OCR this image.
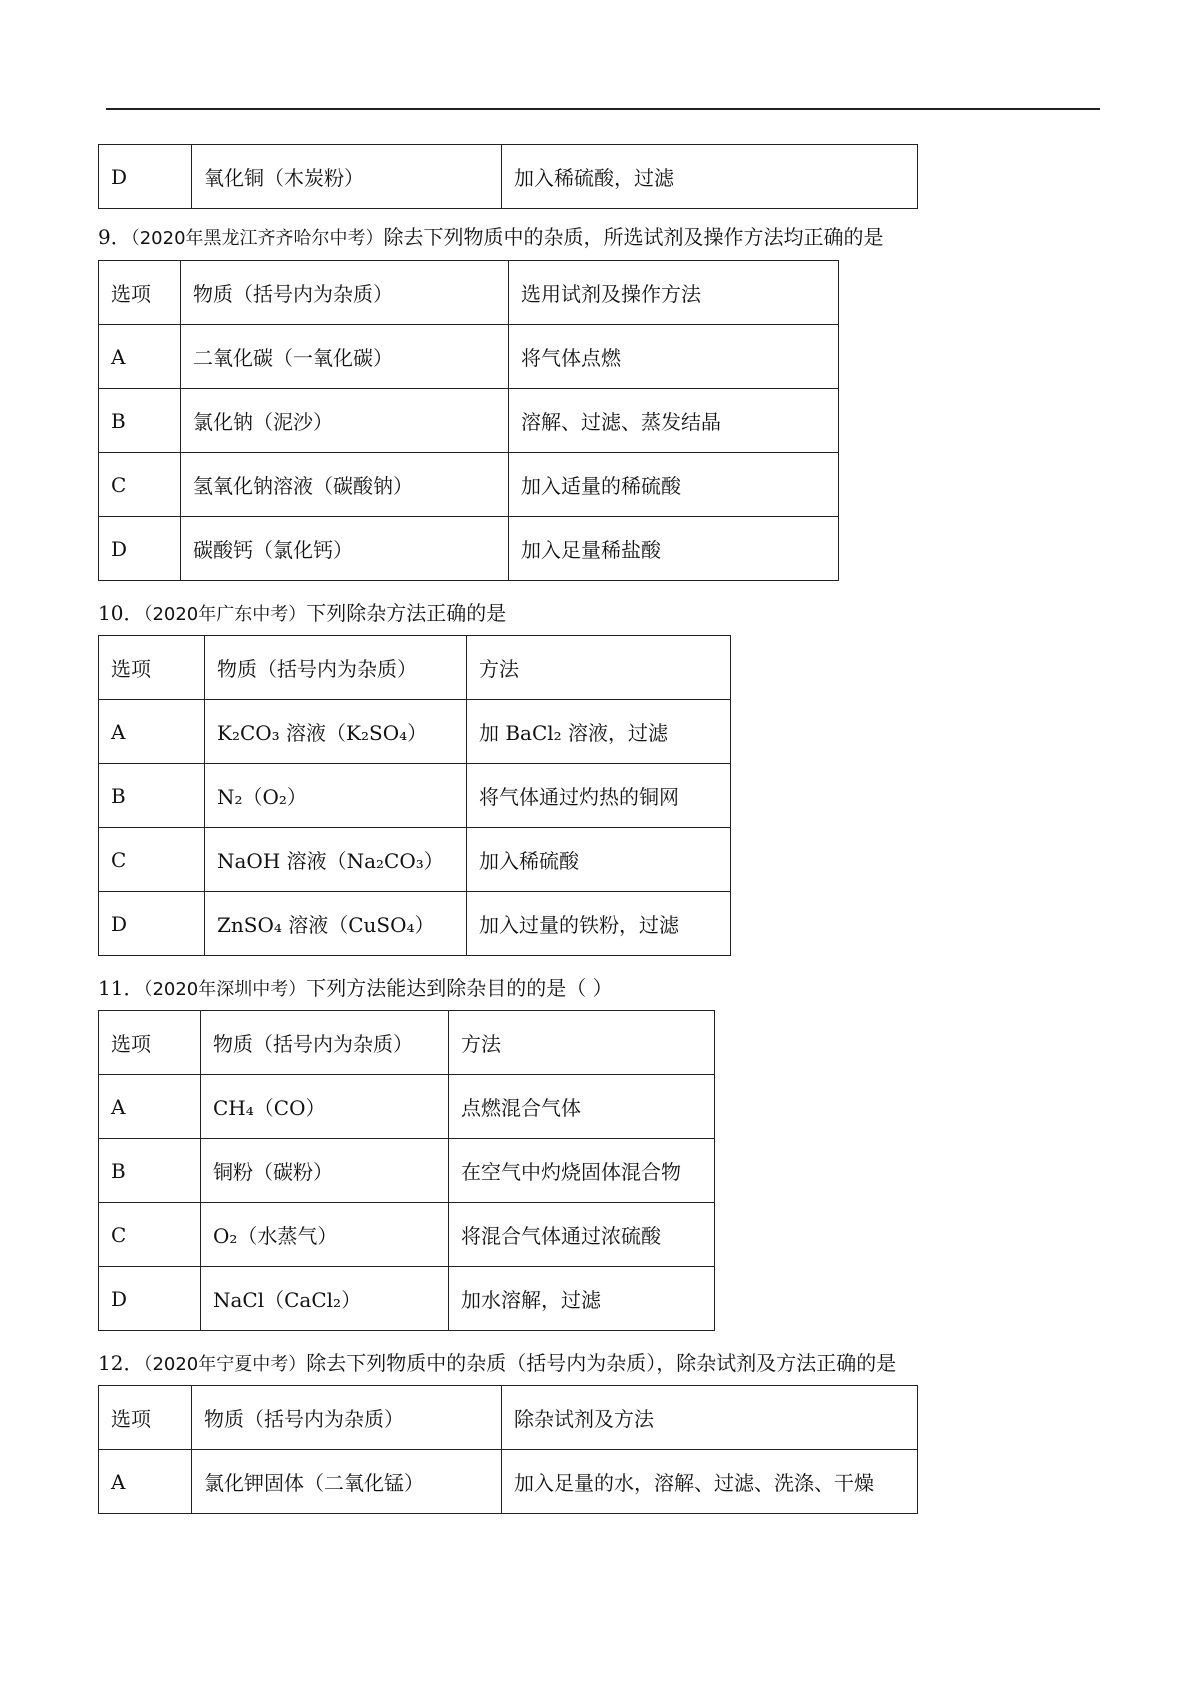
D	氧化铜（木炭粉）	加入稀硫酸，过滤
9．（2020年黑龙江齐齐哈尔中考）除去下列物质中的杂质，所选试剂及操作方法均正确的是
选项	物质（括号内为杂质）	选用试剂及操作方法
A	二氧化碳（一氧化碳）	将气体点燃
B	氯化钠（泥沙）	溶解、过滤、蒸发结晶
C	氢氧化钠溶液（碳酸钠）	加入适量的稀硫酸
D	碳酸钙（氯化钙）	加入足量稀盐酸
10．（2020年广东中考）下列除杂方法正确的是
选项	物质（括号内为杂质）	方法
A	K₂CO₃ 溶液（K₂SO₄）	加 BaCl₂ 溶液，过滤
B	N₂（O₂）	将气体通过灼热的铜网
C	NaOH 溶液（Na₂CO₃）	加入稀硫酸
D	ZnSO₄ 溶液（CuSO₄）	加入过量的铁粉，过滤
11．（2020年深圳中考）下列方法能达到除杂目的的是（ ）
选项	物质（括号内为杂质）	方法
A	CH₄（CO）	点燃混合气体
B	铜粉（碳粉）	在空气中灼烧固体混合物
C	O₂（水蒸气）	将混合气体通过浓硫酸
D	NaCl（CaCl₂）	加水溶解，过滤
12．（2020年宁夏中考）除去下列物质中的杂质（括号内为杂质），除杂试剂及方法正确的是
选项	物质（括号内为杂质）	除杂试剂及方法
A	氯化钾固体（二氧化锰）	加入足量的水，溶解、过滤、洗涤、干燥
